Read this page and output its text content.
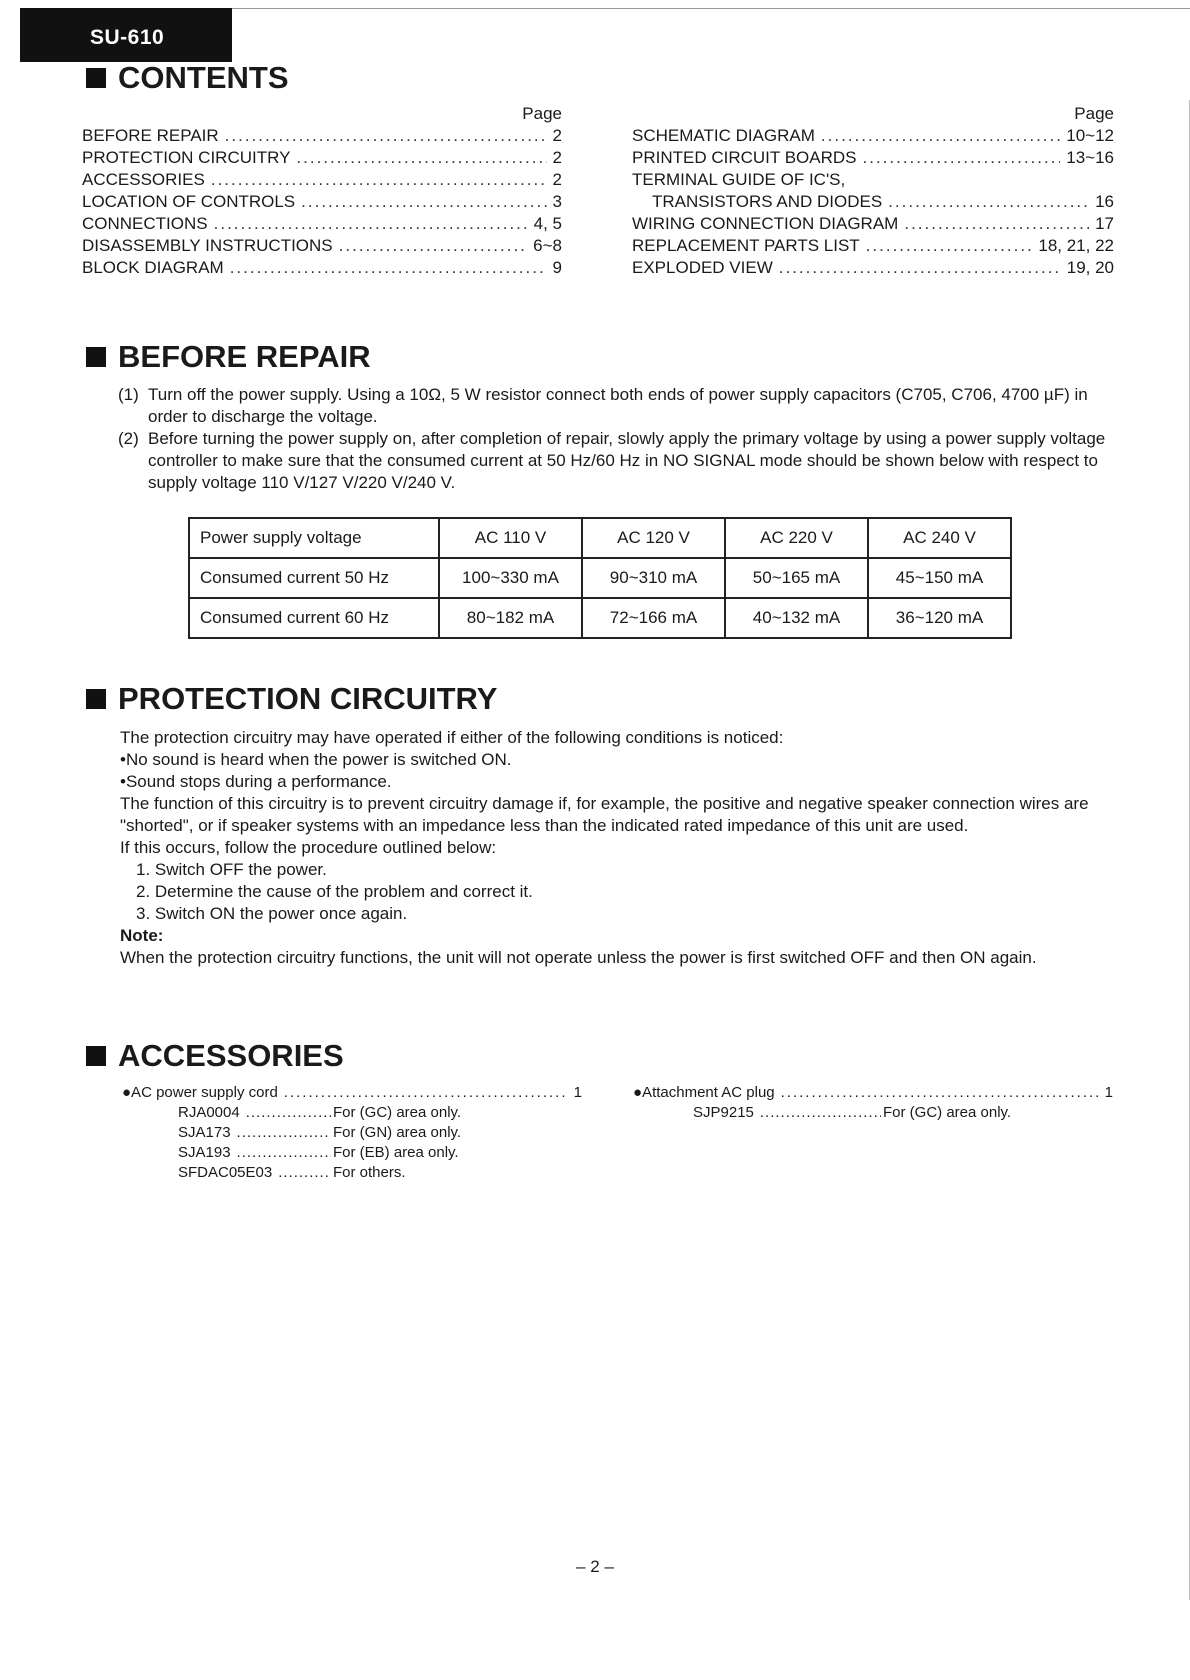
SU-610
CONTENTS
Page
BEFORE REPAIR .....	2
PROTECTION CIRCUITRY .....	2
ACCESSORIES .....	2
LOCATION OF CONTROLS .....	3
CONNECTIONS .....	4, 5
DISASSEMBLY INSTRUCTIONS .....	6~8
BLOCK DIAGRAM .....	9
Page
SCHEMATIC DIAGRAM .....	10~12
PRINTED CIRCUIT BOARDS .....	13~16
TERMINAL GUIDE OF IC'S,
TRANSISTORS AND DIODES .....	16
WIRING CONNECTION DIAGRAM .....	17
REPLACEMENT PARTS LIST .....	18, 21, 22
EXPLODED VIEW .....	19, 20
BEFORE REPAIR
(1) Turn off the power supply. Using a 10Ω, 5 W resistor connect both ends of power supply capacitors (C705, C706, 4700 µF) in order to discharge the voltage.
(2) Before turning the power supply on, after completion of repair, slowly apply the primary voltage by using a power supply voltage controller to make sure that the consumed current at 50 Hz/60 Hz in NO SIGNAL mode should be shown below with respect to supply voltage 110 V/127 V/220 V/240 V.
Power supply voltage	AC 110 V	AC 120 V	AC 220 V	AC 240 V
Consumed current 50 Hz	100~330 mA	90~310 mA	50~165 mA	45~150 mA
Consumed current 60 Hz	80~182 mA	72~166 mA	40~132 mA	36~120 mA
PROTECTION CIRCUITRY
The protection circuitry may have operated if either of the following conditions is noticed:
•No sound is heard when the power is switched ON.
•Sound stops during a performance.
The function of this circuitry is to prevent circuitry damage if, for example, the positive and negative speaker connection wires are "shorted", or if speaker systems with an impedance less than the indicated rated impedance of this unit are used.
If this occurs, follow the procedure outlined below:
1. Switch OFF the power.
2. Determine the cause of the problem and correct it.
3. Switch ON the power once again.
Note:
When the protection circuitry functions, the unit will not operate unless the power is first switched OFF and then ON again.
ACCESSORIES
●AC power supply cord .....	1
RJA0004 .....	For (GC) area only.
SJA173 .....	For (GN) area only.
SJA193 .....	For (EB) area only.
SFDAC05E03 .....	For others.
●Attachment AC plug .....	1
SJP9215 .....	For (GC) area only.
– 2 –
